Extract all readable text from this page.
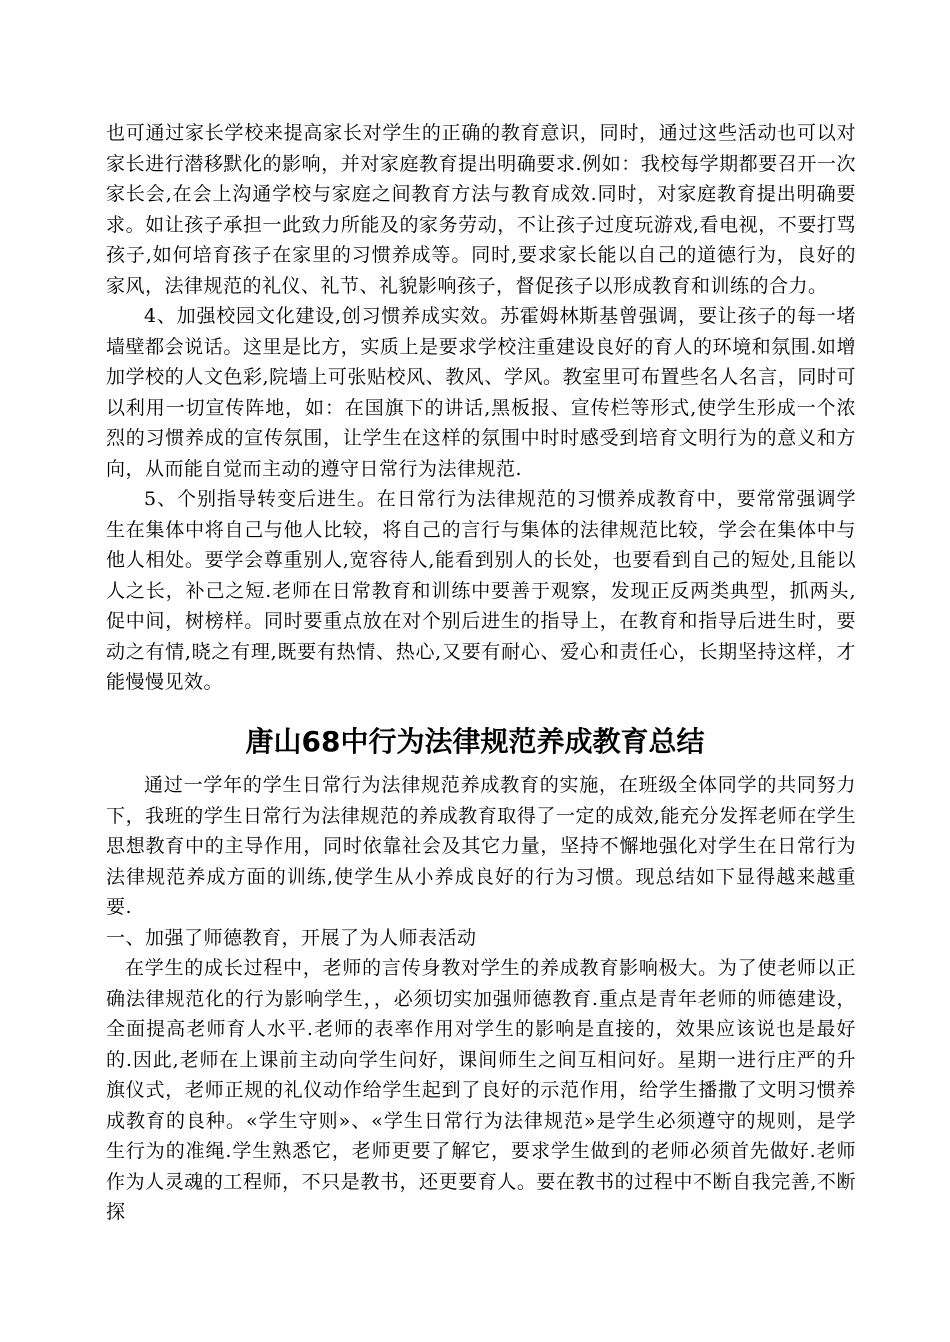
也可通过家长学校来提高家长对学生的正确的教育意识，同时，通过这些活动也可以对家长进行潜移默化的影响，并对家庭教育提出明确要求.例如：我校每学期都要召开一次家长会,在会上沟通学校与家庭之间教育方法与教育成效.同时，对家庭教育提出明确要求。如让孩子承担一此致力所能及的家务劳动，不让孩子过度玩游戏,看电视，不要打骂孩子,如何培育孩子在家里的习惯养成等。同时,要求家长能以自己的道德行为，良好的家风，法律规范的礼仪、礼节、礼貌影响孩子，督促孩子以形成教育和训练的合力。

4、加强校园文化建设,创习惯养成实效。苏霍姆林斯基曾强调，要让孩子的每一堵墙壁都会说话。这里是比方，实质上是要求学校注重建设良好的育人的环境和氛围.如增加学校的人文色彩,院墙上可张贴校风、教风、学风。教室里可布置些名人名言，同时可以利用一切宣传阵地，如：在国旗下的讲话,黑板报、宣传栏等形式,使学生形成一个浓烈的习惯养成的宣传氛围，让学生在这样的氛围中时时感受到培育文明行为的意义和方向，从而能自觉而主动的遵守日常行为法律规范.

5、个别指导转变后进生。在日常行为法律规范的习惯养成教育中，要常常强调学生在集体中将自己与他人比较，将自己的言行与集体的法律规范比较，学会在集体中与他人相处。要学会尊重别人,宽容待人,能看到别人的长处，也要看到自己的短处,且能以人之长，补己之短.老师在日常教育和训练中要善于观察，发现正反两类典型，抓两头,促中间，树榜样。同时要重点放在对个别后进生的指导上，在教育和指导后进生时，要动之有情,晓之有理,既要有热情、热心,又要有耐心、爱心和责任心，长期坚持这样，才能慢慢见效。

唐山68中行为法律规范养成教育总结

通过一学年的学生日常行为法律规范养成教育的实施，在班级全体同学的共同努力下，我班的学生日常行为法律规范的养成教育取得了一定的成效,能充分发挥老师在学生思想教育中的主导作用，同时依靠社会及其它力量，坚持不懈地强化对学生在日常行为法律规范养成方面的训练,使学生从小养成良好的行为习惯。现总结如下显得越来越重要.

一、加强了师德教育，开展了为人师表活动

在学生的成长过程中，老师的言传身教对学生的养成教育影响极大。为了使老师以正确法律规范化的行为影响学生，，必须切实加强师德教育.重点是青年老师的师德建设，全面提高老师育人水平.老师的表率作用对学生的影响是直接的，效果应该说也是最好的.因此,老师在上课前主动向学生问好，课间师生之间互相问好。星期一进行庄严的升旗仪式，老师正规的礼仪动作给学生起到了良好的示范作用，给学生播撒了文明习惯养成教育的良种。«学生守则»、«学生日常行为法律规范»是学生必须遵守的规则，是学生行为的准绳.学生熟悉它，老师更要了解它，要求学生做到的老师必须首先做好.老师作为人灵魂的工程师，不只是教书，还更要育人。要在教书的过程中不断自我完善,不断探
